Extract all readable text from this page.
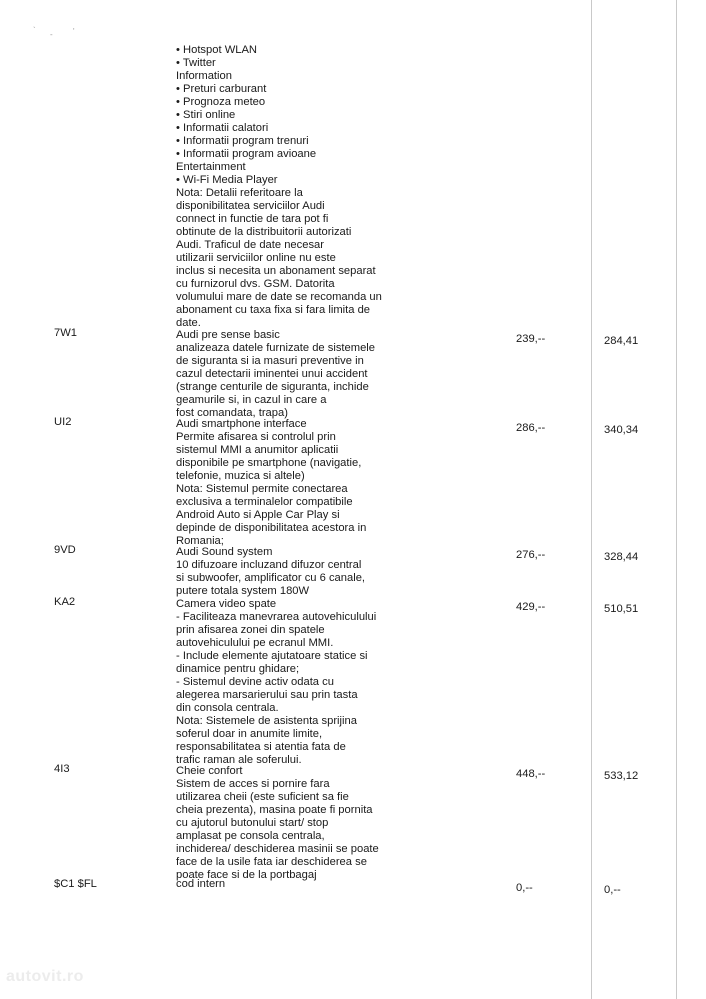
` -	'
• Hotspot WLAN
• Twitter
Information
• Preturi carburant
• Prognoza meteo
• Stiri online
• Informatii calatori
• Informatii program trenuri
• Informatii program avioane
Entertainment
• Wi-Fi Media Player
Nota: Detalii referitoare la
disponibilitatea serviciilor Audi
connect in functie de tara pot fi
obtinute de la distribuitorii autorizati
Audi. Traficul de date necesar
utilizarii serviciilor online nu este
inclus si necesita un abonament separat
cu furnizorul dvs. GSM. Datorita
volumului mare de date se recomanda un
abonament cu taxa fixa si fara limita de
date.
7W1	Audi pre sense basic
analizeaza datele furnizate de sistemele
de siguranta si ia masuri preventive in
cazul detectarii iminentei unui accident
(strange centurile de siguranta, inchide
geamurile si, in cazul in care a
fost comandata, trapa)
239,--	284,41
UI2	Audi smartphone interface
Permite afisarea si controlul prin
sistemul MMI a anumitor aplicatii
disponibile pe smartphone (navigatie,
telefonie, muzica si altele)
Nota: Sistemul permite conectarea
exclusiva a terminalelor compatibile
Android Auto si Apple Car Play si
depinde de disponibilitatea acestora in
Romania;
286,--	340,34
9VD	Audi Sound system
10 difuzoare incluzand difuzor central
si subwoofer, amplificator cu 6 canale,
putere totala system 180W
276,--	328,44
KA2	Camera video spate
- Faciliteaza manevrarea autovehiculului
prin afisarea zonei din spatele
autovehiculului pe ecranul MMI.
- Include elemente ajutatoare statice si
dinamice pentru ghidare;
- Sistemul devine activ odata cu
alegerea marsarierului sau prin tasta
din consola centrala.
Nota: Sistemele de asistenta sprijina
soferul doar in anumite limite,
responsabilitatea si atentia fata de
trafic raman ale soferului.
429,--	510,51
4I3	Cheie confort
Sistem de acces si pornire fara
utilizarea cheii (este suficient sa fie
cheia prezenta), masina poate fi pornita
cu ajutorul butonului start/ stop
amplasat pe consola centrala,
inchiderea/ deschiderea masinii se poate
face de la usile fata iar deschiderea se
poate face si de la portbagaj
448,--	533,12
$C1 $FL	cod intern	0,--	0,--
autovit.ro
